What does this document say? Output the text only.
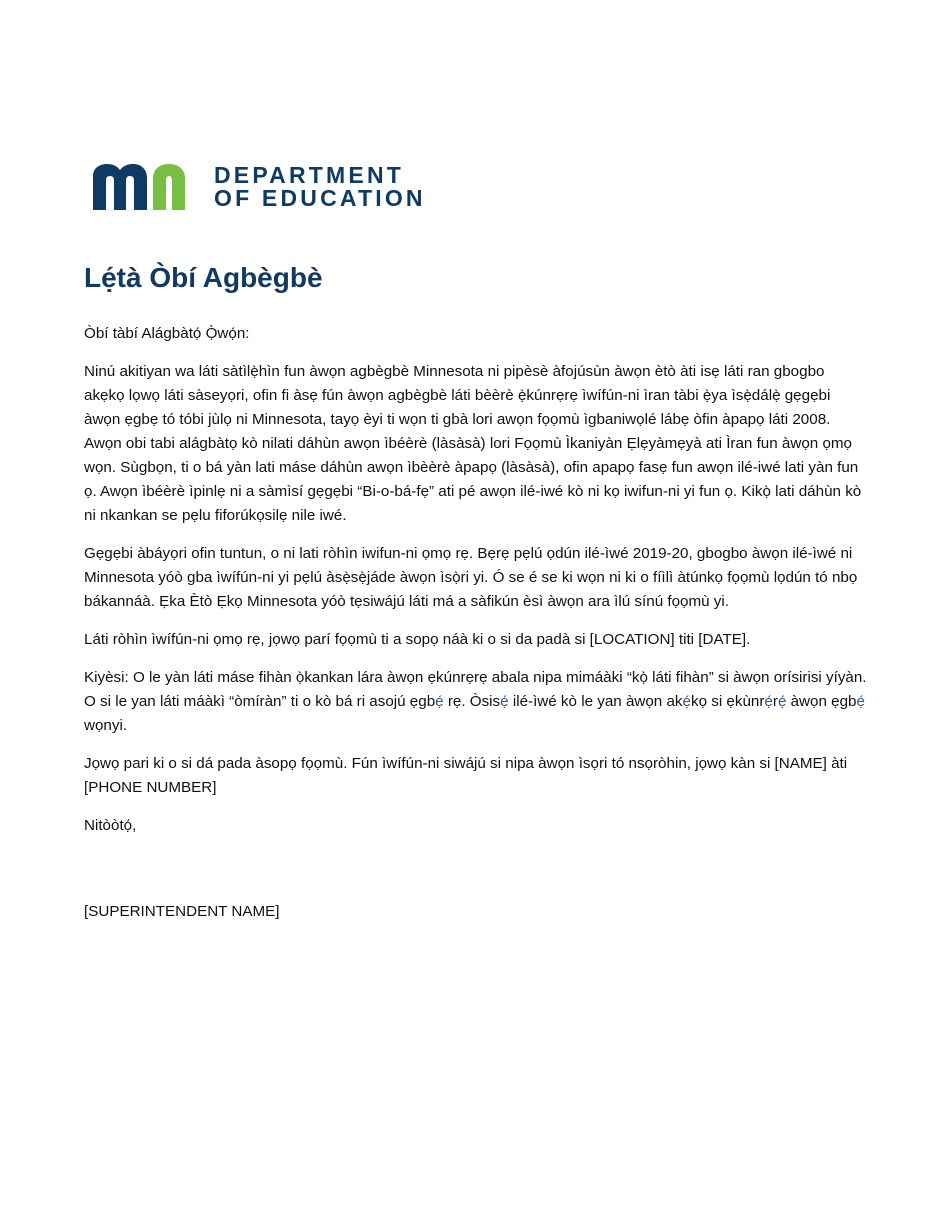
DEPARTMENT
OF EDUCATION
Lẹ́tà Òbí Agbègbè

Òbí tàbí Alágbàtọ́ Ọ̀wọ́n:

Ninú akitiyan wa láti sàtìlẹ̀hìn fun àwọn agbègbè Minnesota ni pipèsè àfojúsùn àwọn ètò àti isẹ láti ran gbogbo akẹkọ lọwọ láti sàseyọri, ofin fi àsẹ fún àwọn agbègbè láti bèèrè ẹ̀kúnrẹrẹ ìwífún-ni ìran tàbi ẹ̀ya ìsẹ̀dálẹ̀ gẹgẹbi àwọn ẹgbẹ tó tóbi jùlọ ni Minnesota, tayọ èyi ti wọn ti gbà lori awọn fọọmù ìgbaniwọlé lábẹ òfin àpapọ láti 2008. Awọn obi tabi alágbàtọ kò nilati dáhùn awọn ìbéèrè (làsàsà) lori Fọọmù Ìkaniyàn Ẹlẹyàmẹyà ati Ìran fun àwọn ọmọ wọn. Sùgbọn, ti o bá yàn lati máse dáhùn awọn ìbèèrè àpapọ (làsàsà), ofin apapọ fasẹ fun awọn ilé-iwé lati yàn fun ọ. Awọn ìbéèrè ìpinlẹ ni a sàmìsí gẹgẹbi “Bi-o-bá-fẹ” ati pé awọn ilé-iwé kò ni kọ iwifun-ni yi fun ọ. Kikọ̀ lati dáhùn kò ni nkankan se pẹlu fiforúkọsilẹ nile iwé.

Gẹgẹbi àbáyọri ofin tuntun, o ni lati ròhìn iwifun-ni ọmọ rẹ. Bẹrẹ pẹlú ọdún ilé-ìwé 2019-20, gbogbo àwọn ilé-ìwé ni Minnesota yóò gba ìwífún-ni yi pẹlú àsẹ̀sẹ̀jáde àwọn ìsọ̀ri yi. Ó se é se ki wọn ni ki o fíìlì àtúnkọ fọọmù lọdún tó nbọ bákannáà. Ẹka Ètò Ẹkọ Minnesota yóò tẹsiwájú láti má a sàfikún èsì àwọn ara ìlú sínú fọọmù yi.

Láti ròhìn ìwífún-ni ọmọ rẹ, jọwọ parí fọọmù ti a sopọ náà ki o si da padà si [LOCATION] titi [DATE].

Kiyèsi: O le yàn láti máse fihàn ọ̀kankan lára àwọn ẹkúnrẹrẹ abala nipa mimáàki “kọ̀ láti fihàn” si àwọn orísirisi yíyàn. O si le yan láti máàkì “òmíràn” ti o kò bá ri asojú ẹgbẹ́ rẹ. Òsisẹ́ ilé-ìwé kò le yan àwọn akẹ́kọ si ẹkùnrẹ́rẹ́ àwọn ẹgbẹ́ wọnyi.

Jọwọ pari ki o si dá pada àsopọ fọọmù. Fún ìwífún-ni siwájú si nipa àwọn ìsọri tó nsọròhin, jọwọ kàn si [NAME] àti [PHONE NUMBER]

Nitòòtọ́,

[SUPERINTENDENT NAME]
